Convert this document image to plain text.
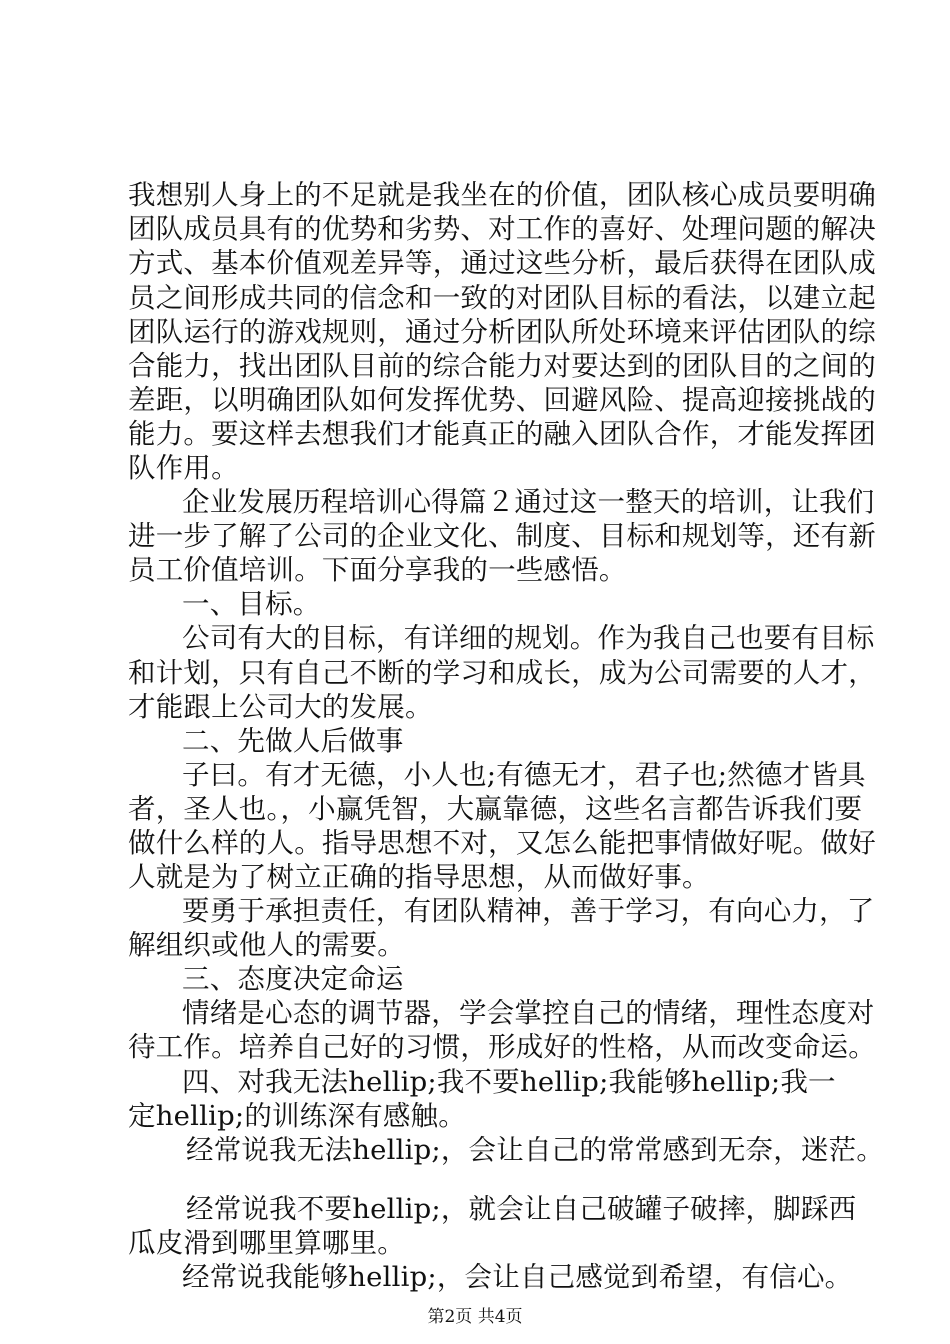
我想别人身上的不足就是我坐在的价值，团队核心成员要明确
团队成员具有的优势和劣势、对工作的喜好、处理问题的解决
方式、基本价值观差异等，通过这些分析，最后获得在团队成
员之间形成共同的信念和一致的对团队目标的看法，以建立起
团队运行的游戏规则，通过分析团队所处环境来评估团队的综
合能力，找出团队目前的综合能力对要达到的团队目的之间的
差距，以明确团队如何发挥优势、回避风险、提高迎接挑战的
能力。要这样去想我们才能真正的融入团队合作，才能发挥团
队作用。
企业发展历程培训心得篇２通过这一整天的培训，让我们
进一步了解了公司的企业文化、制度、目标和规划等，还有新
员工价值培训。下面分享我的一些感悟。
一、目标。
公司有大的目标，有详细的规划。作为我自己也要有目标
和计划，只有自己不断的学习和成长，成为公司需要的人才，
才能跟上公司大的发展。
二、先做人后做事
子曰。有才无德，小人也;有德无才，君子也;然德才皆具
者，圣人也。，小赢凭智，大赢靠德，这些名言都告诉我们要
做什么样的人。指导思想不对，又怎么能把事情做好呢。做好
人就是为了树立正确的指导思想，从而做好事。
要勇于承担责任，有团队精神，善于学习，有向心力，了
解组织或他人的需要。
三、态度决定命运
情绪是心态的调节器，学会掌控自己的情绪，理性态度对
待工作。培养自己好的习惯，形成好的性格，从而改变命运。
四、对我无法hellip;我不要hellip;我能够hellip;我一
定hellip;的训练深有感触。
经常说我无法hellip;，会让自己的常常感到无奈，迷茫。
经常说我不要hellip;，就会让自己破罐子破摔，脚踩西
瓜皮滑到哪里算哪里。
经常说我能够hellip;，会让自己感觉到希望，有信心。
第2页 共4页
